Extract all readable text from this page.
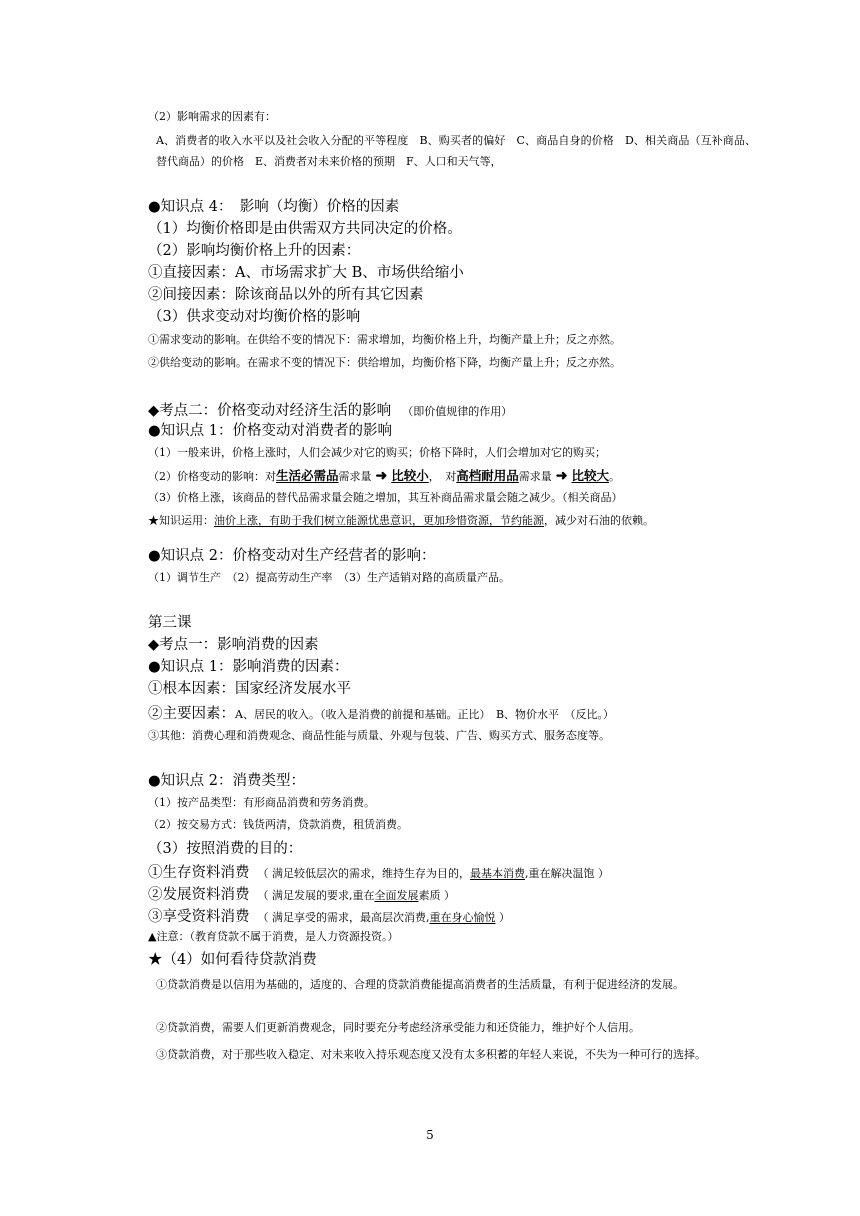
（2）影响需求的因素有：
A、消费者的收入水平以及社会收入分配的平等程度　B、购买者的偏好　C、商品自身的价格　D、相关商品（互补商品、替代商品）的价格　E、消费者对未来价格的预期　F、人口和天气等，
●知识点 4：　影响（均衡）价格的因素
（1）均衡价格即是由供需双方共同决定的价格。
（2）影响均衡价格上升的因素：
①直接因素：A、市场需求扩大 B、市场供给缩小
②间接因素：除该商品以外的所有其它因素
（3）供求变动对均衡价格的影响
①需求变动的影响。在供给不变的情况下：需求增加，均衡价格上升，均衡产量上升；反之亦然。
②供给变动的影响。在需求不变的情况下：供给增加，均衡价格下降，均衡产量上升；反之亦然。
◆考点二：价格变动对经济生活的影响 （即价值规律的作用）
●知识点 1：价格变动对消费者的影响
（1）一般来讲，价格上涨时，人们会减少对它的购买；价格下降时，人们会增加对它的购买；
（2）价格变动的影响：对生活必需品需求量 ➜ 比较小，　对高档耐用品需求量 ➜ 比较大。
（3）价格上涨，该商品的替代品需求量会随之增加，其互补商品需求量会随之减少。（相关商品）
★知识运用：油价上涨，有助于我们树立能源忧患意识，更加珍惜资源，节约能源，减少对石油的依赖。
●知识点 2：价格变动对生产经营者的影响：
（1）调节生产　（2）提高劳动生产率　（3）生产适销对路的高质量产品。
第三课
◆考点一：影响消费的因素
●知识点 1：影响消费的因素：
①根本因素：国家经济发展水平
②主要因素：A、居民的收入。（收入是消费的前提和基础。正比）　B、物价水平　（反比。）
③其他：消费心理和消费观念、商品性能与质量、外观与包装、广告、购买方式、服务态度等。
●知识点 2：消费类型：
（1）按产品类型：有形商品消费和劳务消费。
（2）按交易方式：钱货两清，贷款消费，租赁消费。
（3）按照消费的目的：
①生存资料消费 （ 满足较低层次的需求，维持生存为目的，最基本消费,重在解决温饱 ）
②发展资料消费 （ 满足发展的要求,重在全面发展素质 ）
③享受资料消费 （ 满足享受的需求，最高层次消费,重在身心愉悦 ）
▲注意：（教育贷款不属于消费，是人力资源投资。）
★（4）如何看待贷款消费
①贷款消费是以信用为基础的，适度的、合理的贷款消费能提高消费者的生活质量，有利于促进经济的发展。
②贷款消费，需要人们更新消费观念，同时要充分考虑经济承受能力和还贷能力，维护好个人信用。
③贷款消费，对于那些收入稳定、对未来收入持乐观态度又没有太多积蓄的年轻人来说，不失为一种可行的选择。
5
